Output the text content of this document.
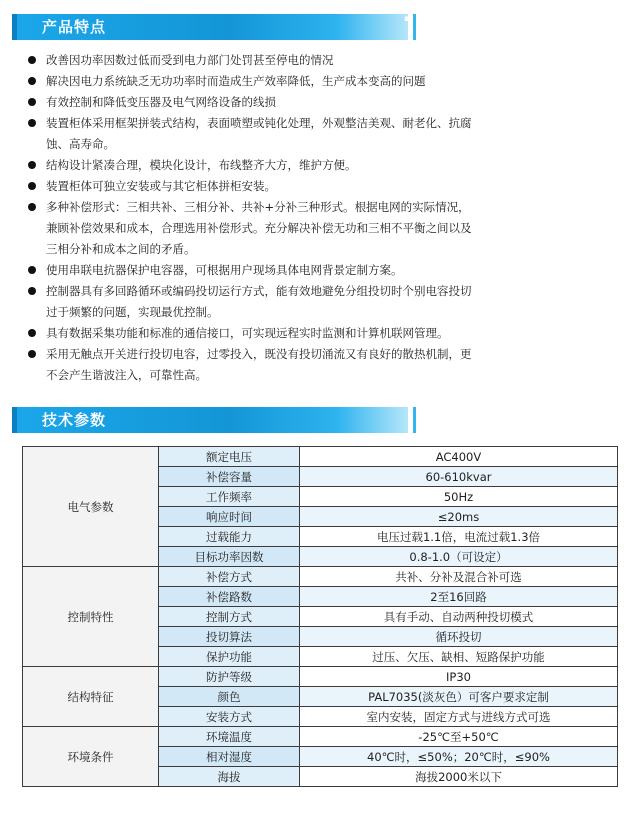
产品特点	▪
改善因功率因数过低而受到电力部门处罚甚至停电的情况
解决因电力系统缺乏无功功率时而造成生产效率降低，生产成本变高的问题
有效控制和降低变压器及电气网络设备的线损
装置柜体采用框架拼装式结构，表面喷塑或钝化处理，外观整洁美观、耐老化、抗腐
蚀、高寿命。
结构设计紧凑合理，模块化设计，布线整齐大方，维护方便。
装置柜体可独立安装或与其它柜体拼柜安装。
多种补偿形式：三相共补、三相分补、共补+分补三种形式。根据电网的实际情况，
兼顾补偿效果和成本，合理选用补偿形式。充分解决补偿无功和三相不平衡之间以及
三相分补和成本之间的矛盾。
使用串联电抗器保护电容器，可根据用户现场具体电网背景定制方案。
控制器具有多回路循环或编码投切运行方式，能有效地避免分组投切时个别电容投切
过于频繁的问题，实现最优控制。
具有数据采集功能和标准的通信接口，可实现远程实时监测和计算机联网管理。
采用无触点开关进行投切电容，过零投入，既没有投切涌流又有良好的散热机制，更
不会产生谐波注入，可靠性高。
技术参数
电气参数	额定电压	AC400V
	补偿容量	60-610kvar
	工作频率	50Hz
	响应时间	≤20ms
	过载能力	电压过载1.1倍，电流过载1.3倍
	目标功率因数	0.8-1.0（可设定）
控制特性	补偿方式	共补、分补及混合补可选
	补偿路数	2至16回路
	控制方式	具有手动、自动两种投切模式
	投切算法	循环投切
	保护功能	过压、欠压、缺相、短路保护功能
结构特征	防护等级	IP30
	颜色	PAL7035(淡灰色）可客户要求定制
	安装方式	室内安装，固定方式与进线方式可选
环境条件	环境温度	-25℃至+50℃
	相对湿度	40℃时，≤50%；20℃时，≤90%
	海拔	海拔2000米以下
